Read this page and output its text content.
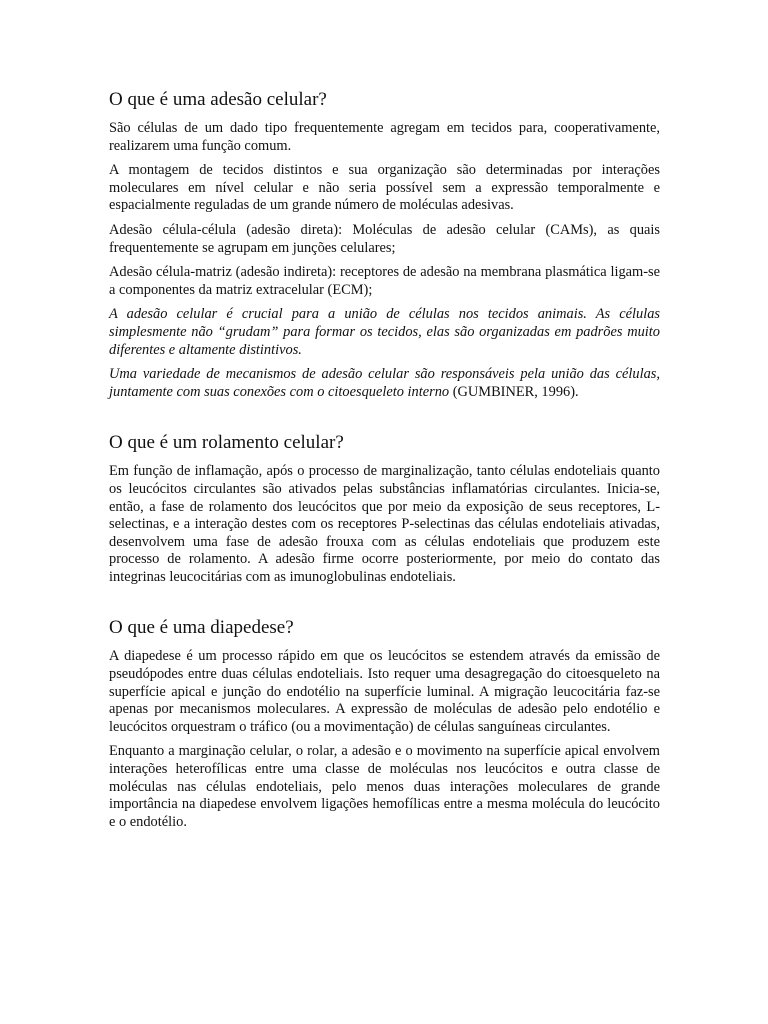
O que é uma adesão celular?

São células de um dado tipo frequentemente agregam em tecidos para, cooperativamente, realizarem uma função comum.

A montagem de tecidos distintos e sua organização são determinadas por interações moleculares em nível celular e não seria possível sem a expressão temporalmente e espacialmente reguladas de um grande número de moléculas adesivas.

Adesão célula-célula (adesão direta): Moléculas de adesão celular (CAMs), as quais frequentemente se agrupam em junções celulares;

Adesão célula-matriz (adesão indireta): receptores de adesão na membrana plasmática ligam-se a componentes da matriz extracelular (ECM);

A adesão celular é crucial para a união de células nos tecidos animais. As células simplesmente não “grudam” para formar os tecidos, elas são organizadas em padrões muito diferentes e altamente distintivos.

Uma variedade de mecanismos de adesão celular são responsáveis pela união das células, juntamente com suas conexões com o citoesqueleto interno (GUMBINER, 1996).

O que é um rolamento celular?

Em função de inflamação, após o processo de marginalização, tanto células endoteliais quanto os leucócitos circulantes são ativados pelas substâncias inflamatórias circulantes. Inicia-se, então, a fase de rolamento dos leucócitos que por meio da exposição de seus receptores, L-selectinas, e a interação destes com os receptores P-selectinas das células endoteliais ativadas, desenvolvem uma fase de adesão frouxa com as células endoteliais que produzem este processo de rolamento. A adesão firme ocorre posteriormente, por meio do contato das integrinas leucocitárias com as imunoglobulinas endoteliais.

O que é uma diapedese?

A diapedese é um processo rápido em que os leucócitos se estendem através da emissão de pseudópodes entre duas células endoteliais. Isto requer uma desagregação do citoesqueleto na superfície apical e junção do endotélio na superfície luminal. A migração leucocitária faz-se apenas por mecanismos moleculares. A expressão de moléculas de adesão pelo endotélio e leucócitos orquestram o tráfico (ou a movimentação) de células sanguíneas circulantes.

Enquanto a marginação celular, o rolar, a adesão e o movimento na superfície apical envolvem interações heterofílicas entre uma classe de moléculas nos leucócitos e outra classe de moléculas nas células endoteliais, pelo menos duas interações moleculares de grande importância na diapedese envolvem ligações hemofílicas entre a mesma molécula do leucócito e o endotélio.
